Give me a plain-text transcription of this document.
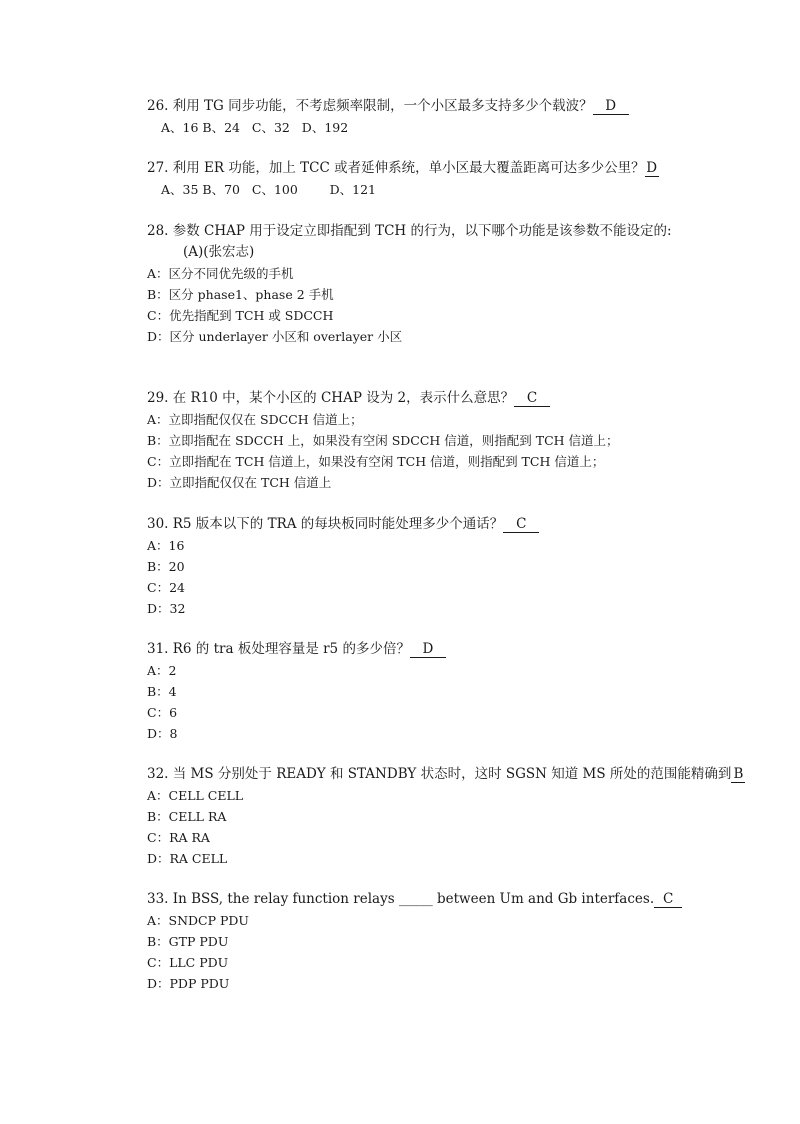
26. 利用 TG 同步功能，不考虑频率限制，一个小区最多支持多少个载波？ D
A、16 B、24   C、32   D、192
27. 利用 ER 功能，加上 TCC 或者延伸系统，单小区最大覆盖距离可达多少公里？ D
A、35 B、70   C、100        D、121
28. 参数 CHAP 用于设定立即指配到 TCH 的行为，以下哪个功能是该参数不能设定的:
(A)(张宏志)
A：区分不同优先级的手机
B：区分 phase1、phase 2 手机
C：优先指配到 TCH 或 SDCCH
D：区分 underlayer 小区和 overlayer 小区
29. 在 R10 中，某个小区的 CHAP 设为 2，表示什么意思？ C
A：立即指配仅仅在 SDCCH 信道上；
B：立即指配在 SDCCH 上，如果没有空闲 SDCCH 信道，则指配到 TCH 信道上；
C：立即指配在 TCH 信道上，如果没有空闲 TCH 信道，则指配到 TCH 信道上；
D：立即指配仅仅在 TCH 信道上
30. R5 版本以下的 TRA 的每块板同时能处理多少个通话？ C
A：16
B：20
C：24
D：32
31. R6 的 tra 板处理容量是 r5 的多少倍？ D
A：2
B：4
C：6
D：8
32. 当 MS 分别处于 READY 和 STANDBY 状态时，这时 SGSN 知道 MS 所处的范围能精确到 B
A：CELL CELL
B：CELL RA
C：RA RA
D：RA CELL
33. In BSS, the relay function relays _____ between Um and Gb interfaces. C
A：SNDCP PDU
B：GTP PDU
C：LLC PDU
D：PDP PDU
